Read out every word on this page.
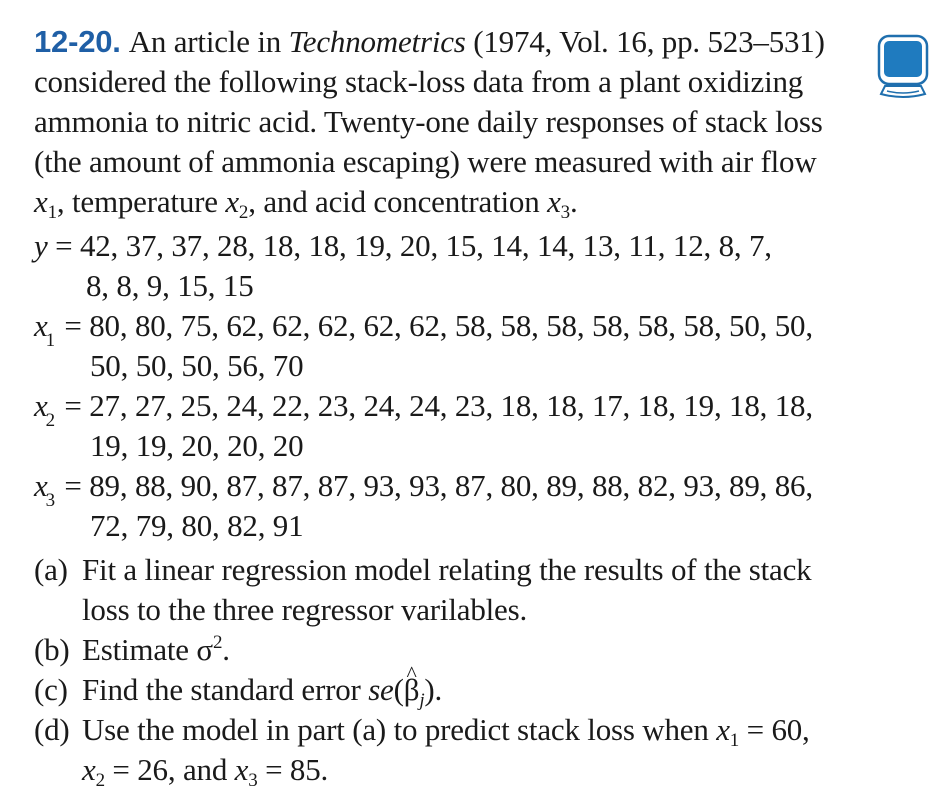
12-20. An article in Technometrics (1974, Vol. 16, pp. 523–531)
considered the following stack-loss data from a plant oxidizing
ammonia to nitric acid. Twenty-one daily responses of stack loss
(the amount of ammonia escaping) were measured with air flow
$x_1$, temperature $x_2$, and acid concentration $x_3$.
y = 42, 37, 37, 28, 18, 18, 19, 20, 15, 14, 14, 13, 11, 12, 8, 7,
8, 8, 9, 15, 15
$x_1 = 80$, 80, 75, 62, 62, 62, 62, 62, 58, 58, 58, 58, 58, 58, 50, 50,
50, 50, 50, 56, 70
$x_2 = 27$, 27, 25, 24, 22, 23, 24, 24, 23, 18, 18, 17, 18, 19, 18, 18,
19, 19, 20, 20, 20
$x_3 = 89$, 88, 90, 87, 87, 87, 93, 93, 87, 80, 89, 88, 82, 93, 89, 86,
72, 79, 80, 82, 91
(a) Fit a linear regression model relating the results of the stack
loss to the three regressor varilables.
(b) Estimate $\sigma^2$.
(c) Find the standard error se(^ $\beta_j$).
(d) Use the model in part (a) to predict stack loss when $x_1 = 60$,
$x_2 = 26$, and $x_3 = 85$.
